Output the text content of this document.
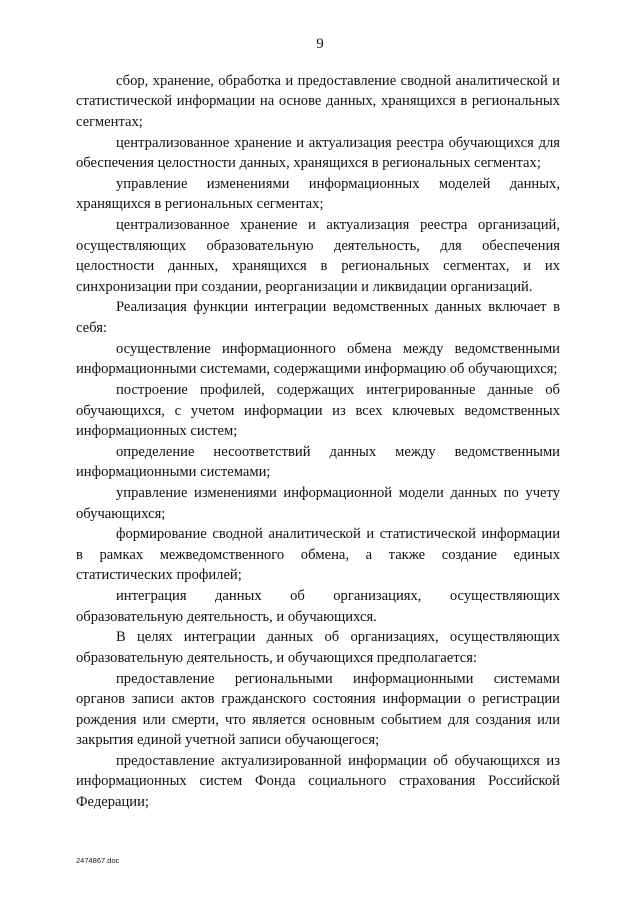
9

сбор, хранение, обработка и предоставление сводной аналитической и статистической информации на основе данных, хранящихся в региональных сегментах;

централизованное хранение и актуализация реестра обучающихся для обеспечения целостности данных, хранящихся в региональных сегментах;

управление изменениями информационных моделей данных, хранящихся в региональных сегментах;

централизованное хранение и актуализация реестра организаций, осуществляющих образовательную деятельность, для обеспечения целостности данных, хранящихся в региональных сегментах, и их синхронизации при создании, реорганизации и ликвидации организаций.

Реализация функции интеграции ведомственных данных включает в себя:

осуществление информационного обмена между ведомственными информационными системами, содержащими информацию об обучающихся;

построение профилей, содержащих интегрированные данные об обучающихся, с учетом информации из всех ключевых ведомственных информационных систем;

определение несоответствий данных между ведомственными информационными системами;

управление изменениями информационной модели данных по учету обучающихся;

формирование сводной аналитической и статистической информации в рамках межведомственного обмена, а также создание единых статистических профилей;

интеграция данных об организациях, осуществляющих образовательную деятельность, и обучающихся.

В целях интеграции данных об организациях, осуществляющих образовательную деятельность, и обучающихся предполагается:

предоставление региональными информационными системами органов записи актов гражданского состояния информации о регистрации рождения или смерти, что является основным событием для создания или закрытия единой учетной записи обучающегося;

предоставление актуализированной информации об обучающихся из информационных систем Фонда социального страхования Российской Федерации;

2474867.doc
